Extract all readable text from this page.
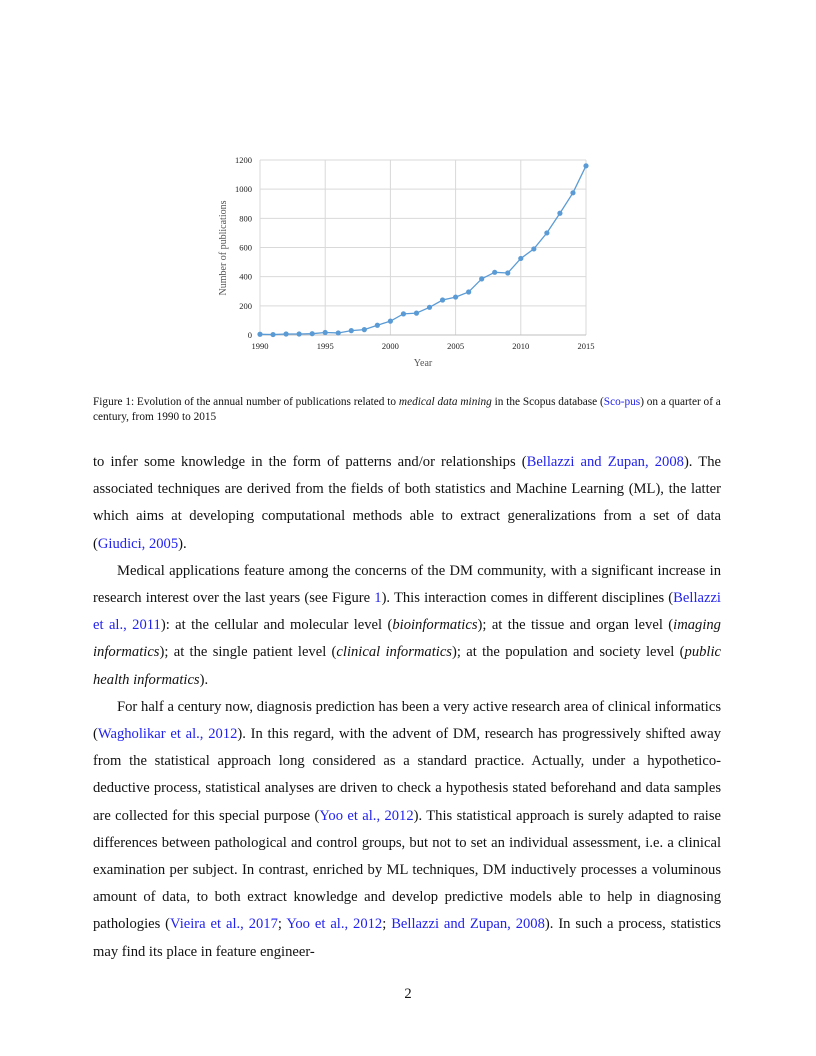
0
200
400
600
800
1000
1200
1990	1995	2000	2005	2010	2015
Number of publications
Year
Figure 1: Evolution of the annual number of publications related to medical data mining in the Scopus database (Sco-pus) on a quarter of a century, from 1990 to 2015

to infer some knowledge in the form of patterns and/or relationships (Bellazzi and Zupan, 2008). The associated techniques are derived from the fields of both statistics and Machine Learning (ML), the latter which aims at developing computational methods able to extract generalizations from a set of data (Giudici, 2005).

Medical applications feature among the concerns of the DM community, with a significant increase in research interest over the last years (see Figure 1). This interaction comes in different disciplines (Bellazzi et al., 2011): at the cellular and molecular level (bioinformatics); at the tissue and organ level (imaging informatics); at the single patient level (clinical informatics); at the population and society level (public health informatics).

For half a century now, diagnosis prediction has been a very active research area of clinical informatics (Wagholikar et al., 2012). In this regard, with the advent of DM, research has progressively shifted away from the statistical approach long considered as a standard practice. Actually, under a hypothetico-deductive process, statistical analyses are driven to check a hypothesis stated beforehand and data samples are collected for this special purpose (Yoo et al., 2012). This statistical approach is surely adapted to raise differences between pathological and control groups, but not to set an individual assessment, i.e. a clinical examination per subject. In contrast, enriched by ML techniques, DM inductively processes a voluminous amount of data, to both extract knowledge and develop predictive models able to help in diagnosing pathologies (Vieira et al., 2017; Yoo et al., 2012; Bellazzi and Zupan, 2008). In such a process, statistics may find its place in feature engineer-

2
